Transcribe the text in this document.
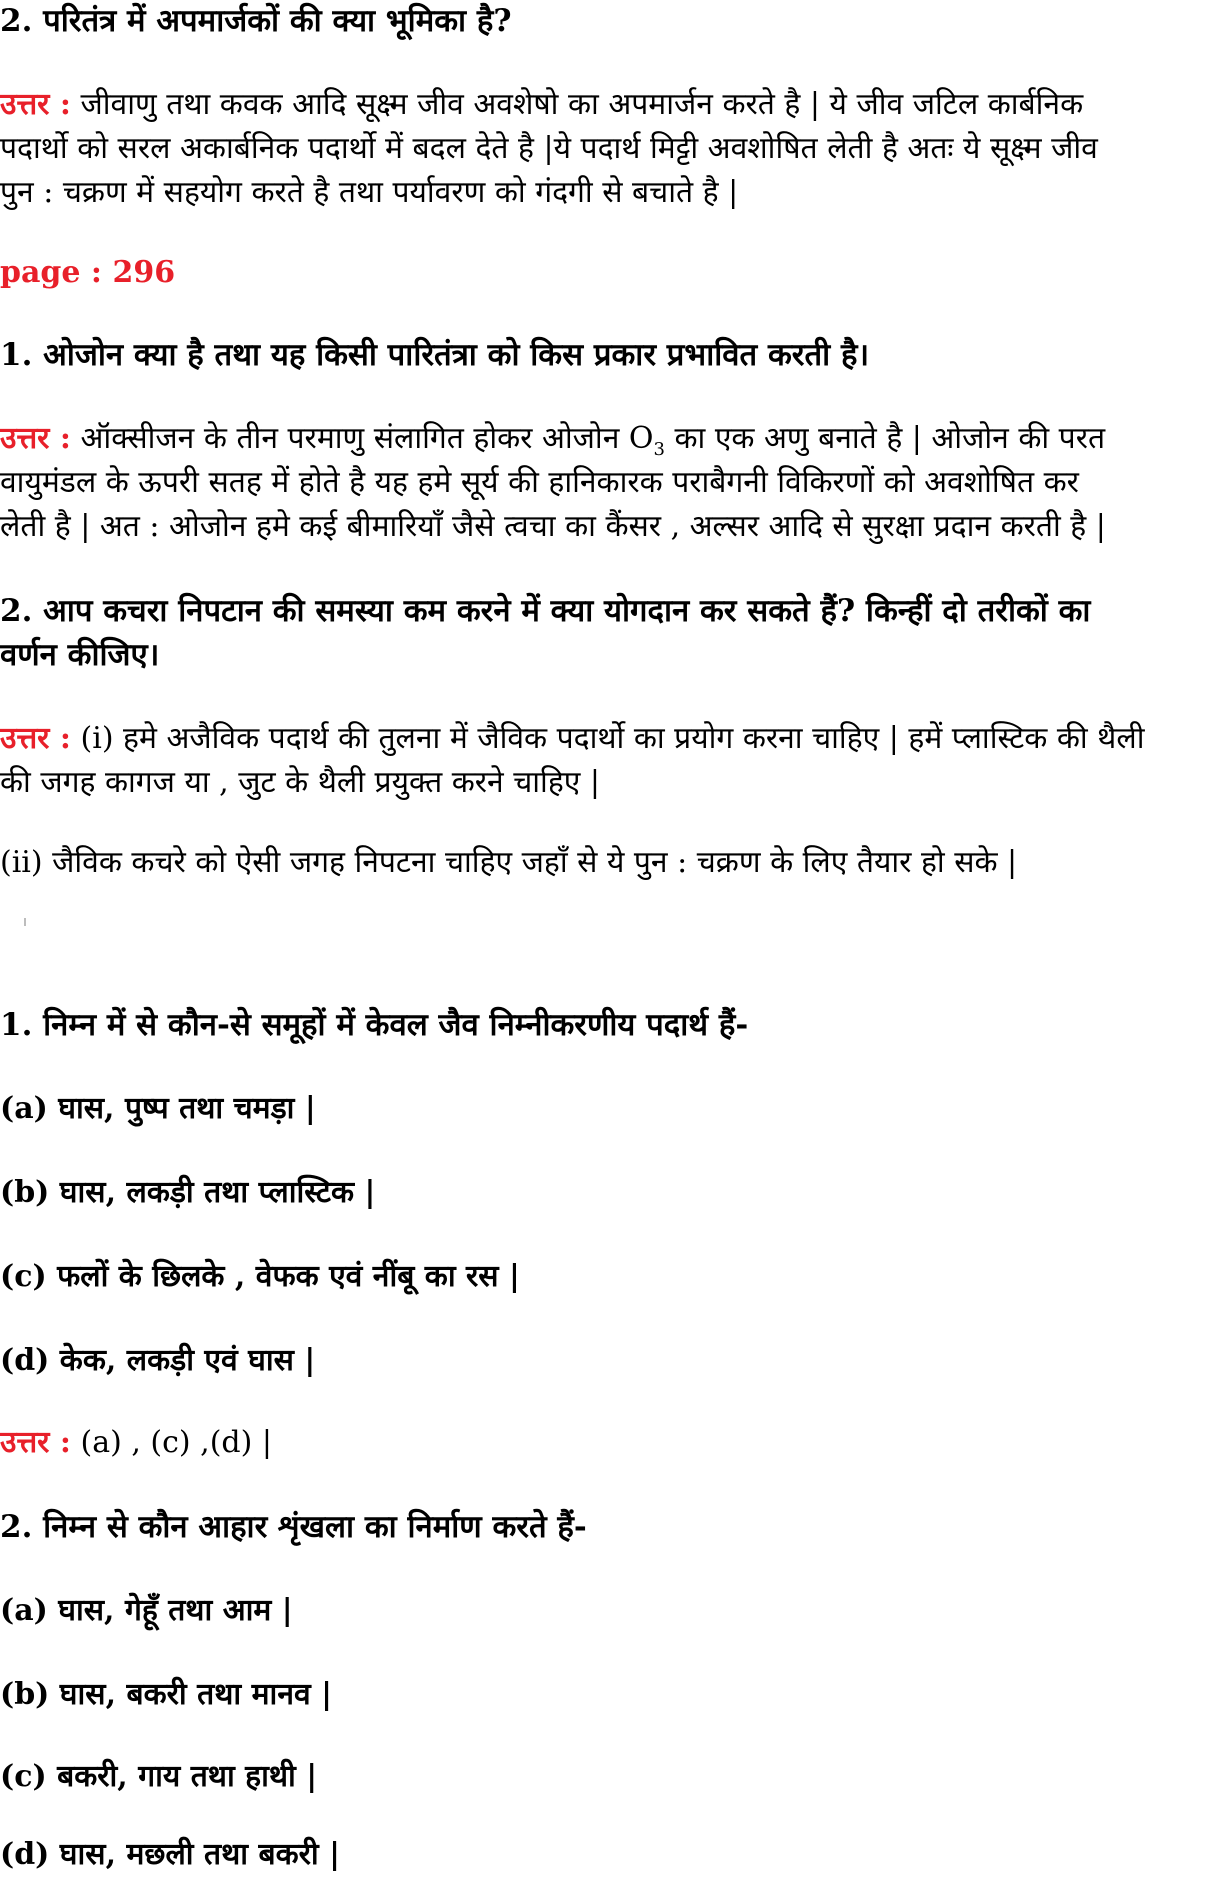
2. परितंत्र में अपमार्जकों की क्या भूमिका है?

उत्तर : जीवाणु तथा कवक आदि सूक्ष्म जीव अवशेषो का अपमार्जन करते है | ये जीव जटिल कार्बनिक

पदार्थो को सरल अकार्बनिक पदार्थो में बदल देते है |ये पदार्थ मिट्टी अवशोषित लेती है अतः ये सूक्ष्म जीव

पुन : चक्रण में सहयोग करते है तथा पर्यावरण को गंदगी से बचाते है |

page : 296

1. ओजोन क्या है तथा यह किसी पारितंत्रा को किस प्रकार प्रभावित करती है।

उत्तर : ऑक्सीजन के तीन परमाणु संलागित होकर ओजोन $O_3$ का एक अणु बनाते है | ओजोन की परत

वायुमंडल के ऊपरी सतह में होते है यह हमे सूर्य की हानिकारक पराबैगनी विकिरणों को अवशोषित कर

लेती है | अत : ओजोन हमे कई बीमारियाँ जैसे त्वचा का कैंसर , अल्सर आदि से सुरक्षा प्रदान करती है |

2. आप कचरा निपटान की समस्या कम करने में क्या योगदान कर सकते हैं? किन्हीं दो तरीकों का

वर्णन कीजिए।

उत्तर : (i) हमे अजैविक पदार्थ की तुलना में जैविक पदार्थो का प्रयोग करना चाहिए | हमें प्लास्टिक की थैली

की जगह कागज या , जुट के थैली प्रयुक्त करने चाहिए |

(ii) जैविक कचरे को ऐसी जगह निपटना चाहिए जहाँ से ये पुन : चक्रण के लिए तैयार हो सके |

1. निम्न में से कौन-से समूहों में केवल जैव निम्नीकरणीय पदार्थ हैं-

(a) घास, पुष्प तथा चमड़ा |

(b) घास, लकड़ी तथा प्लास्टिक |

(c) फलों के छिलके , वेफक एवं नींबू का रस |

(d) केक, लकड़ी एवं घास |

उत्तर : (a) , (c) ,(d) |

2. निम्न से कौन आहार शृंखला का निर्माण करते हैं-

(a) घास, गेहूँ तथा आम |

(b) घास, बकरी तथा मानव |

(c) बकरी, गाय तथा हाथी |

(d) घास, मछली तथा बकरी |
